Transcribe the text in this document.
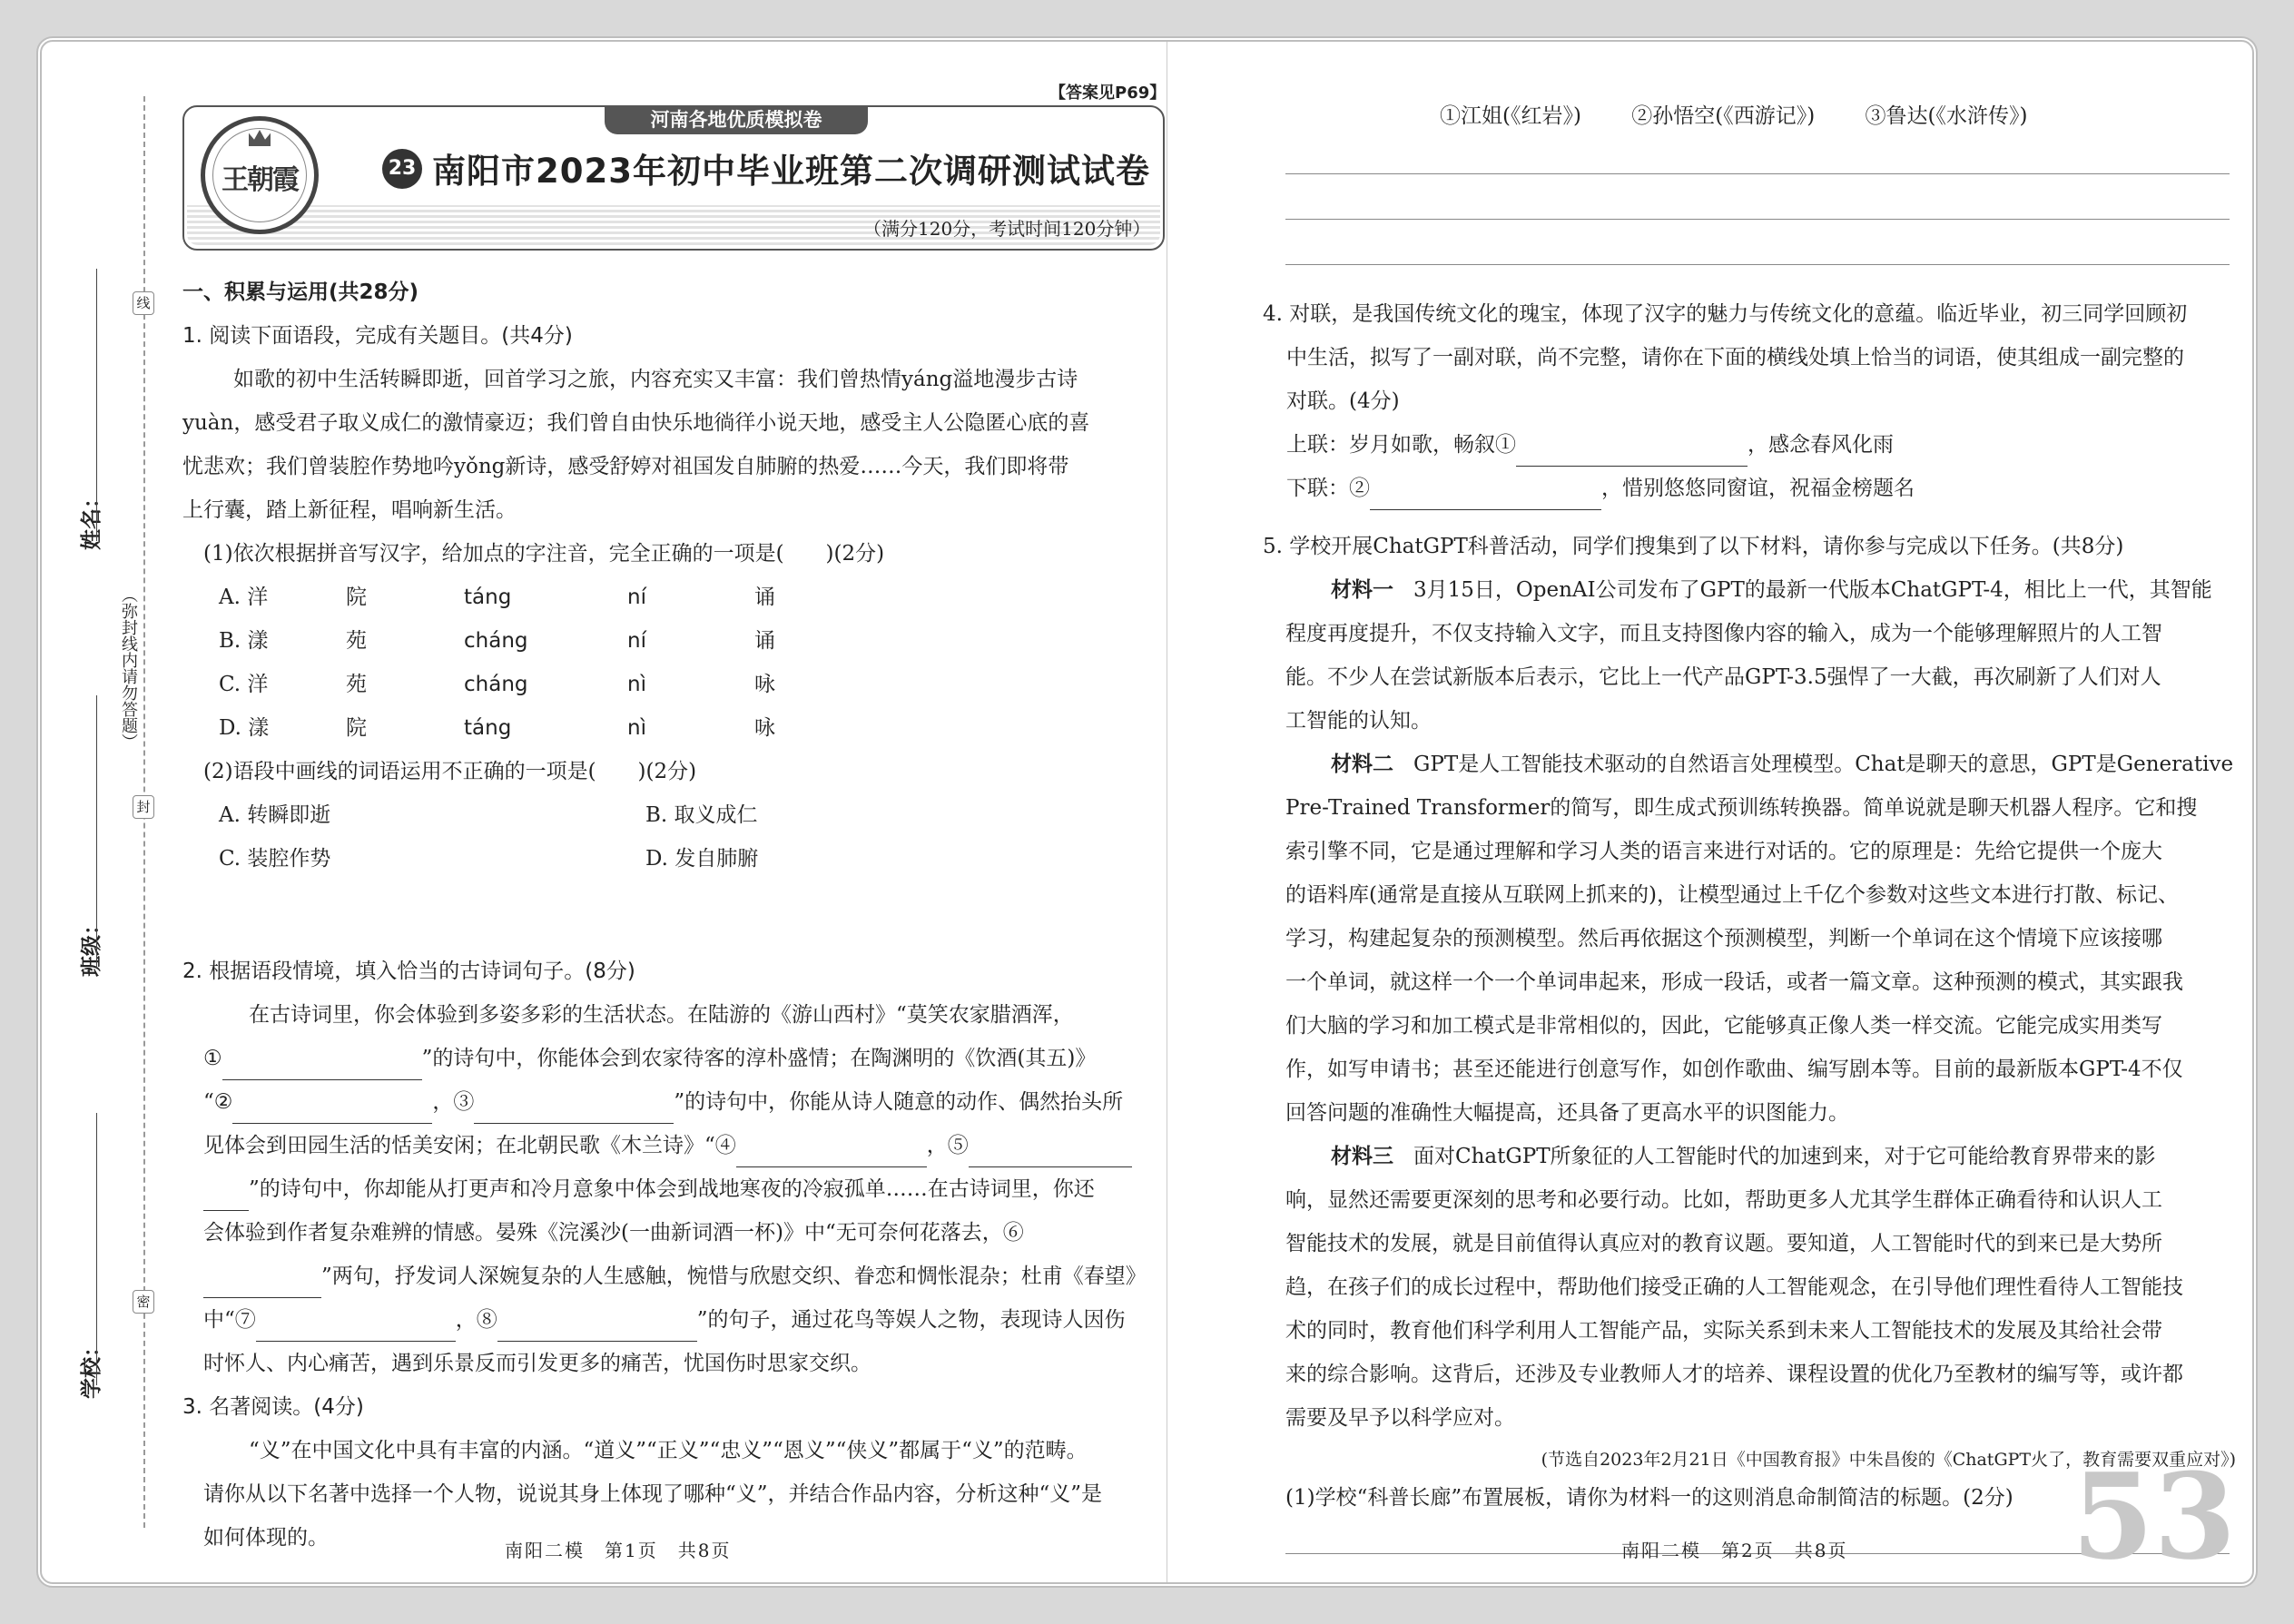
线
封
密
（弥封线内请勿答题）
姓名：
班级：
学校：
【答案见P69】
河南各地优质模拟卷
王朝霞	23 南阳市2023年初中毕业班第二次调研测试试卷
（满分120分，考试时间120分钟）
一、积累与运用(共28分)
1. 阅读下面语段，完成有关题目。(共4分)
如歌的初中生活转瞬即逝，回首学习之旅，内容充实又丰富：我们曾热情yáng溢地漫步古诗
yuàn，感受君子取义成仁的激情豪迈；我们曾自由快乐地徜徉小说天地，感受主人公隐匿心底的喜
忧悲欢；我们曾装腔作势地吟yǒng新诗，感受舒婷对祖国发自肺腑的热爱……今天，我们即将带
上行囊，踏上新征程，唱响新生活。
(1)依次根据拼音写汉字，给加点的字注音，完全正确的一项是(　　)(2分)
A. 洋	院	táng	ní	诵
B. 漾	苑	cháng	ní	诵
C. 洋	苑	cháng	nì	咏
D. 漾	院	táng	nì	咏
(2)语段中画线的词语运用不正确的一项是(　　)(2分)
A. 转瞬即逝	B. 取义成仁
C. 装腔作势	D. 发自肺腑
2. 根据语段情境，填入恰当的古诗词句子。(8分)
在古诗词里，你会体验到多姿多彩的生活状态。在陆游的《游山西村》“莫笑农家腊酒浑，
①	”的诗句中，你能体会到农家待客的淳朴盛情；在陶渊明的《饮酒(其五)》
“②	，③	”的诗句中，你能从诗人随意的动作、偶然抬头所
见体会到田园生活的恬美安闲；在北朝民歌《木兰诗》“④	，⑤
”的诗句中，你却能从打更声和冷月意象中体会到战地寒夜的冷寂孤单……在古诗词里，你还
会体验到作者复杂难辨的情感。晏殊《浣溪沙(一曲新词酒一杯)》中“无可奈何花落去，⑥
”两句，抒发词人深婉复杂的人生感触，惋惜与欣慰交织、眷恋和惆怅混杂；杜甫《春望》
中“⑦	，⑧	”的句子，通过花鸟等娱人之物，表现诗人因伤
时怀人、内心痛苦，遇到乐景反而引发更多的痛苦，忧国伤时思家交织。
3. 名著阅读。(4分)
“义”在中国文化中具有丰富的内涵。“道义”“正义”“忠义”“恩义”“侠义”都属于“义”的范畴。
请你从以下名著中选择一个人物，说说其身上体现了哪种“义”，并结合作品内容，分析这种“义”是
如何体现的。
南阳二模　第1页　共8页
①江姐(《红岩》) ②孙悟空(《西游记》) ③鲁达(《水浒传》)
4. 对联，是我国传统文化的瑰宝，体现了汉字的魅力与传统文化的意蕴。临近毕业，初三同学回顾初
中生活，拟写了一副对联，尚不完整，请你在下面的横线处填上恰当的词语，使其组成一副完整的
对联。(4分)
上联：岁月如歌，畅叙①	，感念春风化雨
下联：②	，惜别悠悠同窗谊，祝福金榜题名
5. 学校开展ChatGPT科普活动，同学们搜集到了以下材料，请你参与完成以下任务。(共8分)
材料一 3月15日，OpenAI公司发布了GPT的最新一代版本ChatGPT-4，相比上一代，其智能
程度再度提升，不仅支持输入文字，而且支持图像内容的输入，成为一个能够理解照片的人工智
能。不少人在尝试新版本后表示，它比上一代产品GPT-3.5强悍了一大截，再次刷新了人们对人
工智能的认知。
材料二 GPT是人工智能技术驱动的自然语言处理模型。Chat是聊天的意思，GPT是Generative
Pre-Trained Transformer的简写，即生成式预训练转换器。简单说就是聊天机器人程序。它和搜
索引擎不同，它是通过理解和学习人类的语言来进行对话的。它的原理是：先给它提供一个庞大
的语料库(通常是直接从互联网上抓来的)，让模型通过上千亿个参数对这些文本进行打散、标记、
学习，构建起复杂的预测模型。然后再依据这个预测模型，判断一个单词在这个情境下应该接哪
一个单词，就这样一个一个单词串起来，形成一段话，或者一篇文章。这种预测的模式，其实跟我
们大脑的学习和加工模式是非常相似的，因此，它能够真正像人类一样交流。它能完成实用类写
作，如写申请书；甚至还能进行创意写作，如创作歌曲、编写剧本等。目前的最新版本GPT-4不仅
回答问题的准确性大幅提高，还具备了更高水平的识图能力。
材料三 面对ChatGPT所象征的人工智能时代的加速到来，对于它可能给教育界带来的影
响，显然还需要更深刻的思考和必要行动。比如，帮助更多人尤其学生群体正确看待和认识人工
智能技术的发展，就是目前值得认真应对的教育议题。要知道，人工智能时代的到来已是大势所
趋，在孩子们的成长过程中，帮助他们接受正确的人工智能观念，在引导他们理性看待人工智能技
术的同时，教育他们科学利用人工智能产品，实际关系到未来人工智能技术的发展及其给社会带
来的综合影响。这背后，还涉及专业教师人才的培养、课程设置的优化乃至教材的编写等，或许都
需要及早予以科学应对。
(节选自2023年2月21日《中国教育报》中朱昌俊的《ChatGPT火了，教育需要双重应对》)
(1)学校“科普长廊”布置展板，请你为材料一的这则消息命制简洁的标题。(2分) 53
南阳二模　第2页　共8页
